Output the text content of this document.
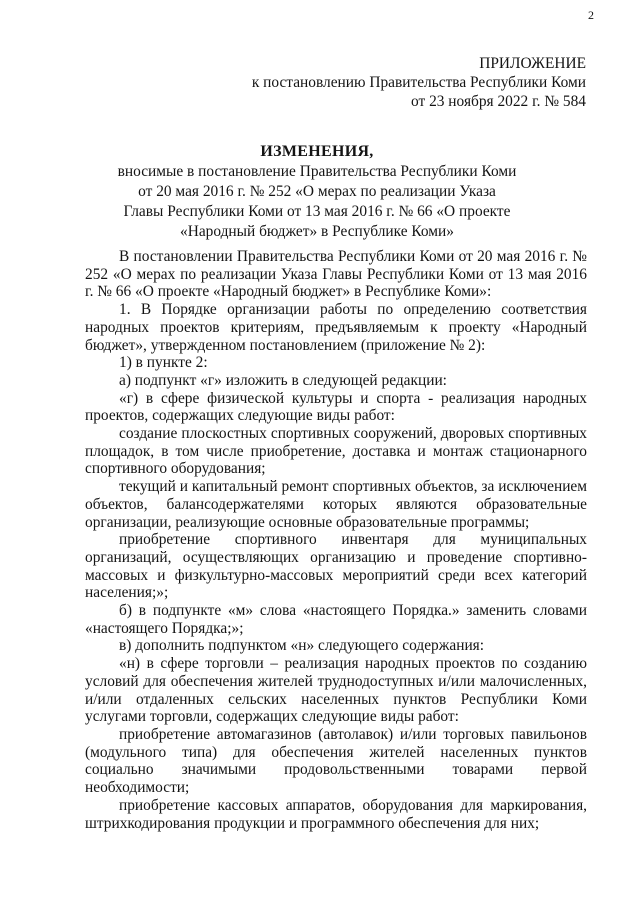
2
ПРИЛОЖЕНИЕ
к постановлению Правительства Республики Коми
от 23 ноября 2022 г. № 584
ИЗМЕНЕНИЯ,
вносимые в постановление Правительства Республики Коми
от 20 мая 2016 г. № 252 «О мерах по реализации Указа
Главы Республики Коми от 13 мая 2016 г. № 66 «О проекте
«Народный бюджет» в Республике Коми»

В постановлении Правительства Республики Коми от 20 мая 2016 г. № 252 «О мерах по реализации Указа Главы Республики Коми от 13 мая 2016 г. № 66 «О проекте «Народный бюджет» в Республике Коми»:

1. В Порядке организации работы по определению соответствия народных проектов критериям, предъявляемым к проекту «Народный бюджет», утвержденном постановлением (приложение № 2):

1) в пункте 2:

а) подпункт «г» изложить в следующей редакции:

«г) в сфере физической культуры и спорта - реализация народных проектов, содержащих следующие виды работ:

создание плоскостных спортивных сооружений, дворовых спортивных площадок, в том числе приобретение, доставка и монтаж стационарного спортивного оборудования;

текущий и капитальный ремонт спортивных объектов, за исключением объектов, балансодержателями которых являются образовательные организации, реализующие основные образовательные программы;

приобретение спортивного инвентаря для муниципальных организаций, осуществляющих организацию и проведение спортивно-массовых и физкультурно-массовых мероприятий среди всех категорий населения;»;

б) в подпункте «м» слова «настоящего Порядка.» заменить словами «настоящего Порядка;»;

в) дополнить подпунктом «н» следующего содержания:

«н) в сфере торговли – реализация народных проектов по созданию условий для обеспечения жителей труднодоступных и/или малочисленных, и/или отдаленных сельских населенных пунктов Республики Коми услугами торговли, содержащих следующие виды работ:

приобретение автомагазинов (автолавок) и/или торговых павильонов (модульного типа) для обеспечения жителей населенных пунктов социально значимыми продовольственными товарами первой необходимости;

приобретение кассовых аппаратов, оборудования для маркирования, штрихкодирования продукции и программного обеспечения для них;
